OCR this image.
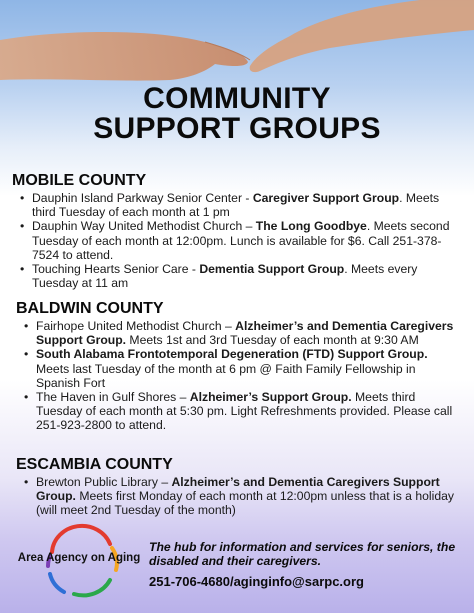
COMMUNITY
SUPPORT GROUPS
MOBILE COUNTY
• Dauphin Island Parkway Senior Center - Caregiver Support Group. Meets third Tuesday of each month at 1 pm
• Dauphin Way United Methodist Church – The Long Goodbye. Meets second Tuesday of each month at 12:00pm. Lunch is available for $6. Call 251-378-7524 to attend.
• Touching Hearts Senior Care - Dementia Support Group. Meets every Tuesday at 11 am
BALDWIN COUNTY
• Fairhope United Methodist Church – Alzheimer’s and Dementia Caregivers Support Group. Meets 1st and 3rd Tuesday of each month at 9:30 AM
• South Alabama Frontotemporal Degeneration (FTD) Support Group. Meets last Tuesday of the month at 6 pm @ Faith Family Fellowship in Spanish Fort
• The Haven in Gulf Shores – Alzheimer’s Support Group. Meets third Tuesday of each month at 5:30 pm. Light Refreshments provided. Please call 251-923-2800 to attend.
ESCAMBIA COUNTY
• Brewton Public Library – Alzheimer’s and Dementia Caregivers Support Group. Meets first Monday of each month at 12:00pm unless that is a holiday (will meet 2nd Tuesday of the month)
Area Agency on Aging
The hub for information and services for seniors, the disabled and their caregivers.
251-706-4680/aginginfo@sarpc.org
